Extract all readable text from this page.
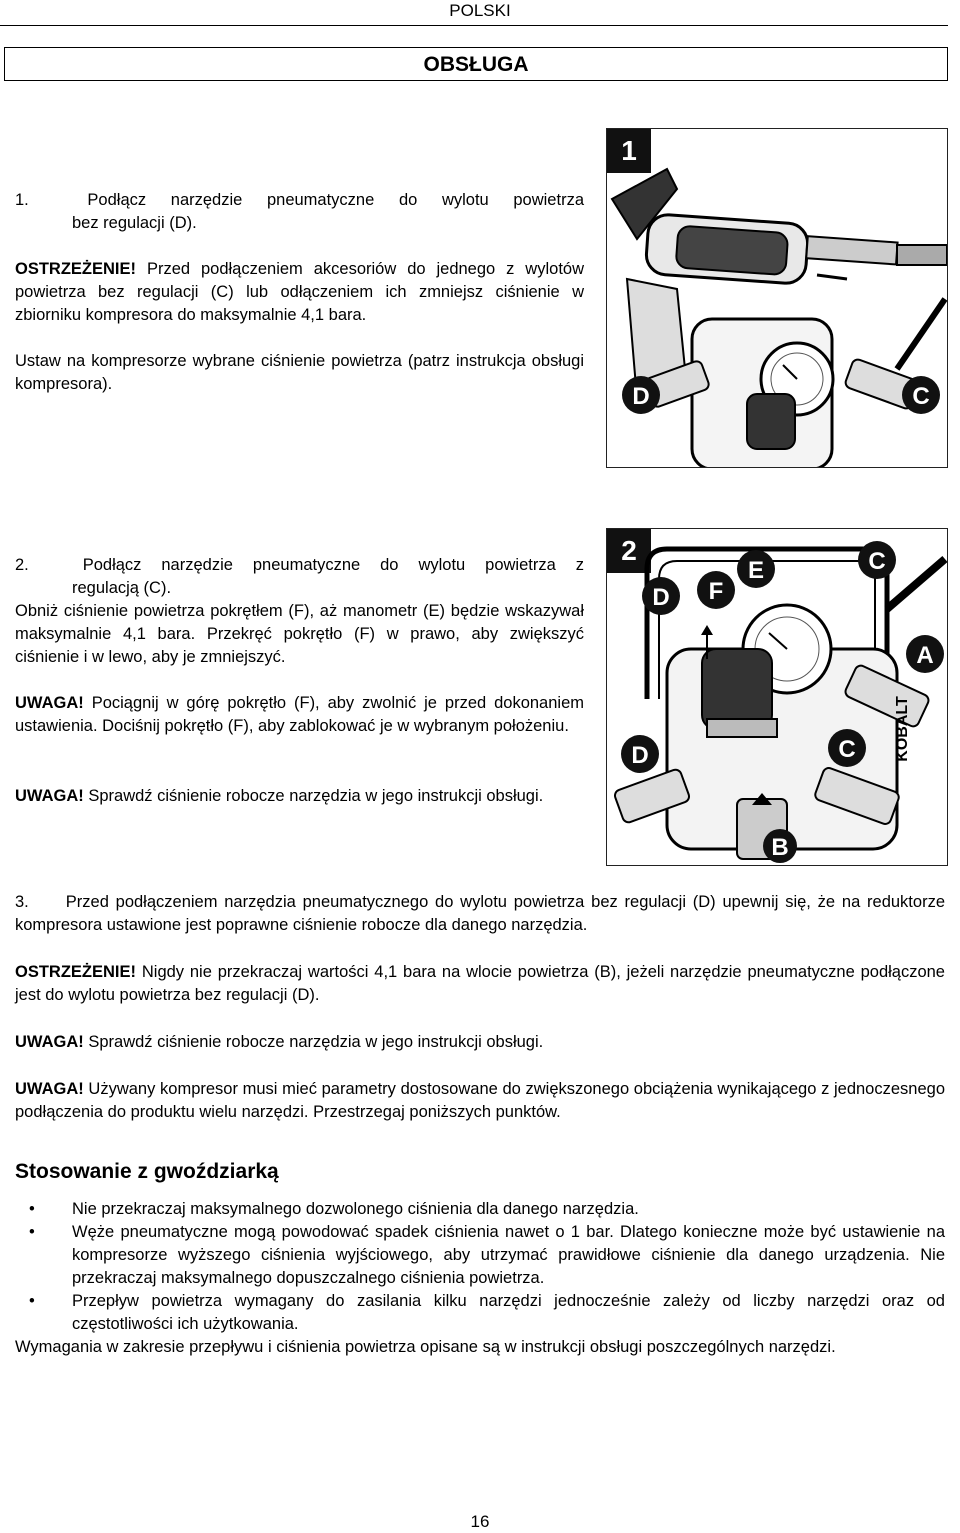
POLSKI
OBSŁUGA
1.	Podłącz narzędzie pneumatyczne do wylotu powietrza
bez regulacji (D).
OSTRZEŻENIE! Przed podłączeniem akcesoriów do jednego z wylotów powietrza bez regulacji (C) lub odłączeniem ich zmniejsz ciśnienie w zbiorniku kompresora do maksymalnie 4,1 bara.
Ustaw na kompresorze wybrane ciśnienie powietrza (patrz instrukcja obsługi kompresora).
1
D	C
2.	Podłącz narzędzie pneumatyczne do wylotu powietrza z
regulacją (C).
Obniż ciśnienie powietrza pokrętłem (F), aż manometr (E) będzie wskazywał maksymalnie 4,1 bara. Przekręć pokrętło (F) w prawo, aby zwiększyć ciśnienie i w lewo, aby je zmniejszyć.
UWAGA! Pociągnij w górę pokrętło (F), aby zwolnić je przed dokonaniem ustawienia. Dociśnij pokrętło (F), aby zablokować je w wybranym położeniu.
UWAGA! Sprawdź ciśnienie robocze narzędzia w jego instrukcji obsługi.
2
KOBALT
D F
E	C
A
D	C
B
3. Przed podłączeniem narzędzia pneumatycznego do wylotu powietrza bez regulacji (D) upewnij się, że na reduktorze kompresora ustawione jest poprawne ciśnienie robocze dla danego narzędzia.
OSTRZEŻENIE! Nigdy nie przekraczaj wartości 4,1 bara na wlocie powietrza (B), jeżeli narzędzie pneumatyczne podłączone jest do wylotu powietrza bez regulacji (D).
UWAGA! Sprawdź ciśnienie robocze narzędzia w jego instrukcji obsługi.
UWAGA! Używany kompresor musi mieć parametry dostosowane do zwiększonego obciążenia wynikającego z jednoczesnego podłączenia do produktu wielu narzędzi. Przestrzegaj poniższych punktów.
Stosowanie z gwoździarką
• Nie przekraczaj maksymalnego dozwolonego ciśnienia dla danego narzędzia.
• Węże pneumatyczne mogą powodować spadek ciśnienia nawet o 1 bar. Dlatego konieczne może być ustawienie na kompresorze wyższego ciśnienia wyjściowego, aby utrzymać prawidłowe ciśnienie dla danego urządzenia. Nie przekraczaj maksymalnego dopuszczalnego ciśnienia powietrza.
• Przepływ powietrza wymagany do zasilania kilku narzędzi jednocześnie zależy od liczby narzędzi oraz od częstotliwości ich użytkowania.
Wymagania w zakresie przepływu i ciśnienia powietrza opisane są w instrukcji obsługi poszczególnych narzędzi.
16
